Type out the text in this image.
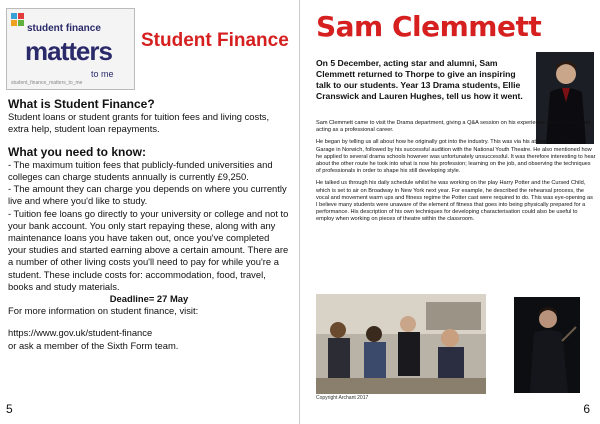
student finance
matters
to me
student_finance_matters_to_me
Student Finance
What is Student Finance?

Student loans or student grants for tuition fees and living costs, extra help, student loan repayments.

What you need to know:

- The maximum tuition fees that publicly-funded universities and colleges can charge students annually is currently £9,250.

- The amount they can charge you depends on where you currently live and where you'd like to study.

- Tuition fee loans go directly to your university or college and not to your bank account. You only start repaying these, along with any maintenance loans you have taken out, once you've completed your studies and started earning above a certain amount. There are a number of other living costs you'll need to pay for while you're a student. These include costs for: accommodation, food, travel, books and study materials.

Deadline= 27 May

For more information on student finance, visit:

https://www.gov.uk/student-finance

or ask a member of the Sixth Form team.

5
Sam Clemmett
On 5 December, acting star and alumni, Sam Clemmett returned to Thorpe to give an inspiring talk to our students. Year 13 Drama students, Ellie Cranswick and Lauren Hughes, tell us how it went.

Sam Clemmett came to visit the Drama department, giving a Q&A session on his experience within theatre and acting as a professional career.

He began by telling us all about how he originally got into the industry. This was via his attendance at The Garage in Norwich, followed by his successful audition with the National Youth Theatre. He also mentioned how he applied to several drama schools however was unfortunately unsuccessful. It was therefore interesting to hear about the other route he took into what is now his profession; learning on the job, and observing the techniques of professionals in order to shape his still developing style.

He talked us through his daily schedule whilst he was working on the play Harry Potter and the Cursed Child, which is set to air on Broadway in New York next year. For example, he described the rehearsal process, the vocal and movement warm ups and fitness regime the Potter cast were required to do. This was eye-opening as I believe many students were unaware of the element of fitness that goes into being physically prepared for a performance. His description of his own techniques for developing characterisation could also be useful to employ when working on pieces of theatre within the classroom.

Copyright Archant 2017
6
